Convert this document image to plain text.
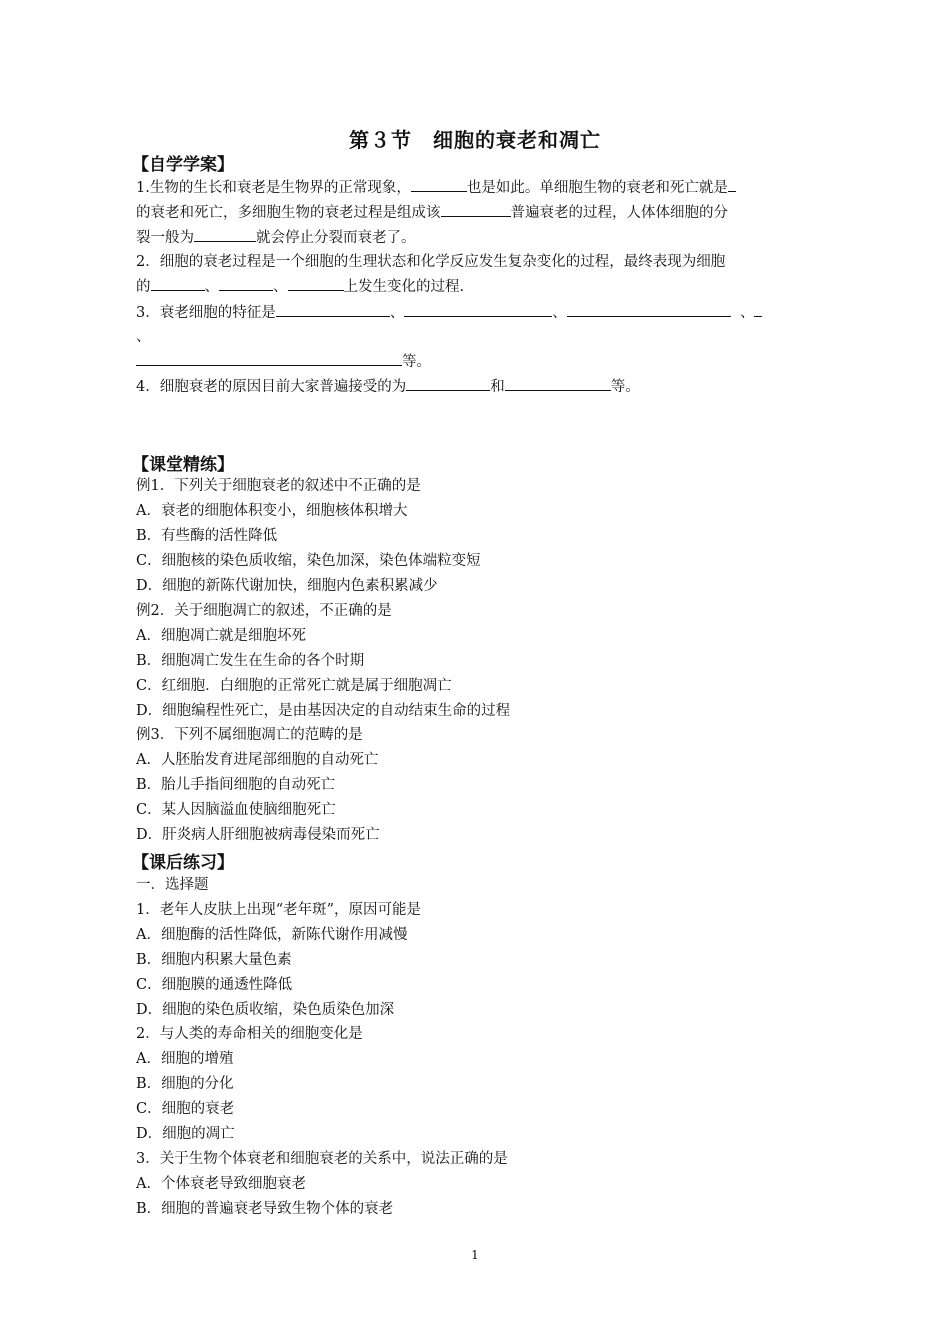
第３节　细胞的衰老和凋亡
【自学学案】
1.生物的生长和衰老是生物界的正常现象，	也是如此。单细胞生物的衰老和死亡就是
的衰老和死亡，多细胞生物的衰老过程是组成该	普遍衰老的过程，人体体细胞的分
裂一般为	就会停止分裂而衰老了。
2．细胞的衰老过程是一个细胞的生理状态和化学反应发生复杂变化的过程，最终表现为细胞
的	、	、	上发生变化的过程.
3．衰老细胞的特征是	、	、	、
、
等。
4．细胞衰老的原因目前大家普遍接受的为	和	等。
【课堂精练】
例1．下列关于细胞衰老的叙述中不正确的是
A．衰老的细胞体积变小，细胞核体积增大
B．有些酶的活性降低
C．细胞核的染色质收缩，染色加深，染色体端粒变短
D．细胞的新陈代谢加快，细胞内色素积累减少
例2．关于细胞凋亡的叙述，不正确的是
A．细胞凋亡就是细胞坏死
B．细胞凋亡发生在生命的各个时期
C．红细胞．白细胞的正常死亡就是属于细胞凋亡
D．细胞编程性死亡，是由基因决定的自动结束生命的过程
例3．下列不属细胞凋亡的范畴的是
A．人胚胎发育进尾部细胞的自动死亡
B．胎儿手指间细胞的自动死亡
C．某人因脑溢血使脑细胞死亡
D．肝炎病人肝细胞被病毒侵染而死亡
【课后练习】
一．选择题
1．老年人皮肤上出现“老年斑”，原因可能是
A．细胞酶的活性降低，新陈代谢作用减慢
B．细胞内积累大量色素
C．细胞膜的通透性降低
D．细胞的染色质收缩，染色质染色加深
2．与人类的寿命相关的细胞变化是
A．细胞的增殖
B．细胞的分化
C．细胞的衰老
D．细胞的凋亡
3．关于生物个体衰老和细胞衰老的关系中，说法正确的是
A．个体衰老导致细胞衰老
B．细胞的普遍衰老导致生物个体的衰老
1
